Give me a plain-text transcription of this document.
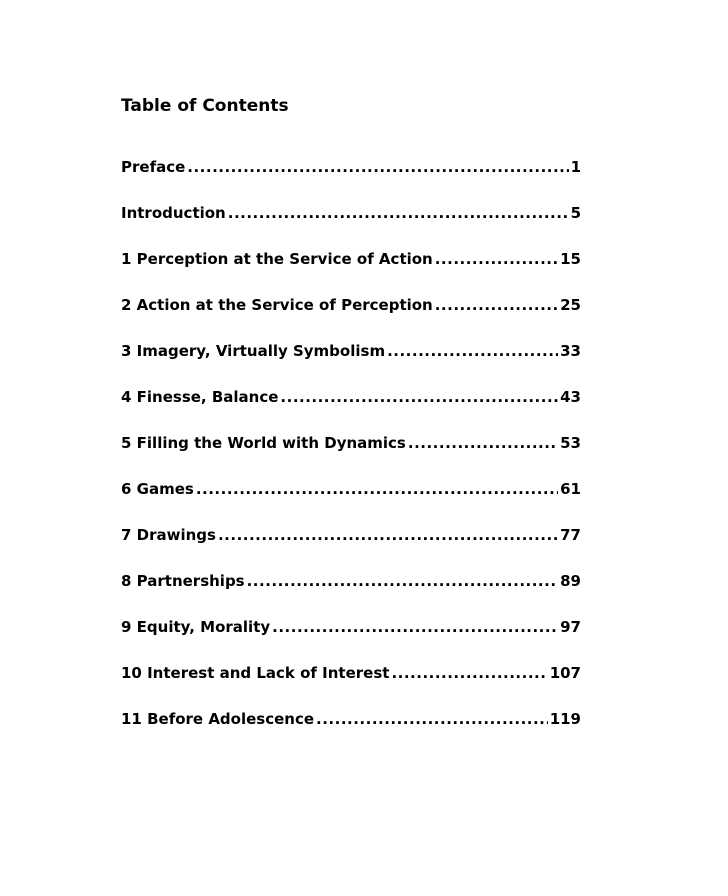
Table of Contents
Preface .....	1
Introduction .....	5
1 Perception at the Service of Action .....	15
2 Action at the Service of Perception .....	25
3 Imagery, Virtually Symbolism .....	33
4 Finesse, Balance .....	43
5 Filling the World with Dynamics .....	53
6 Games .....	61
7 Drawings .....	77
8 Partnerships .....	89
9 Equity, Morality .....	97
10 Interest and Lack of Interest .....	107
11 Before Adolescence .....	119
